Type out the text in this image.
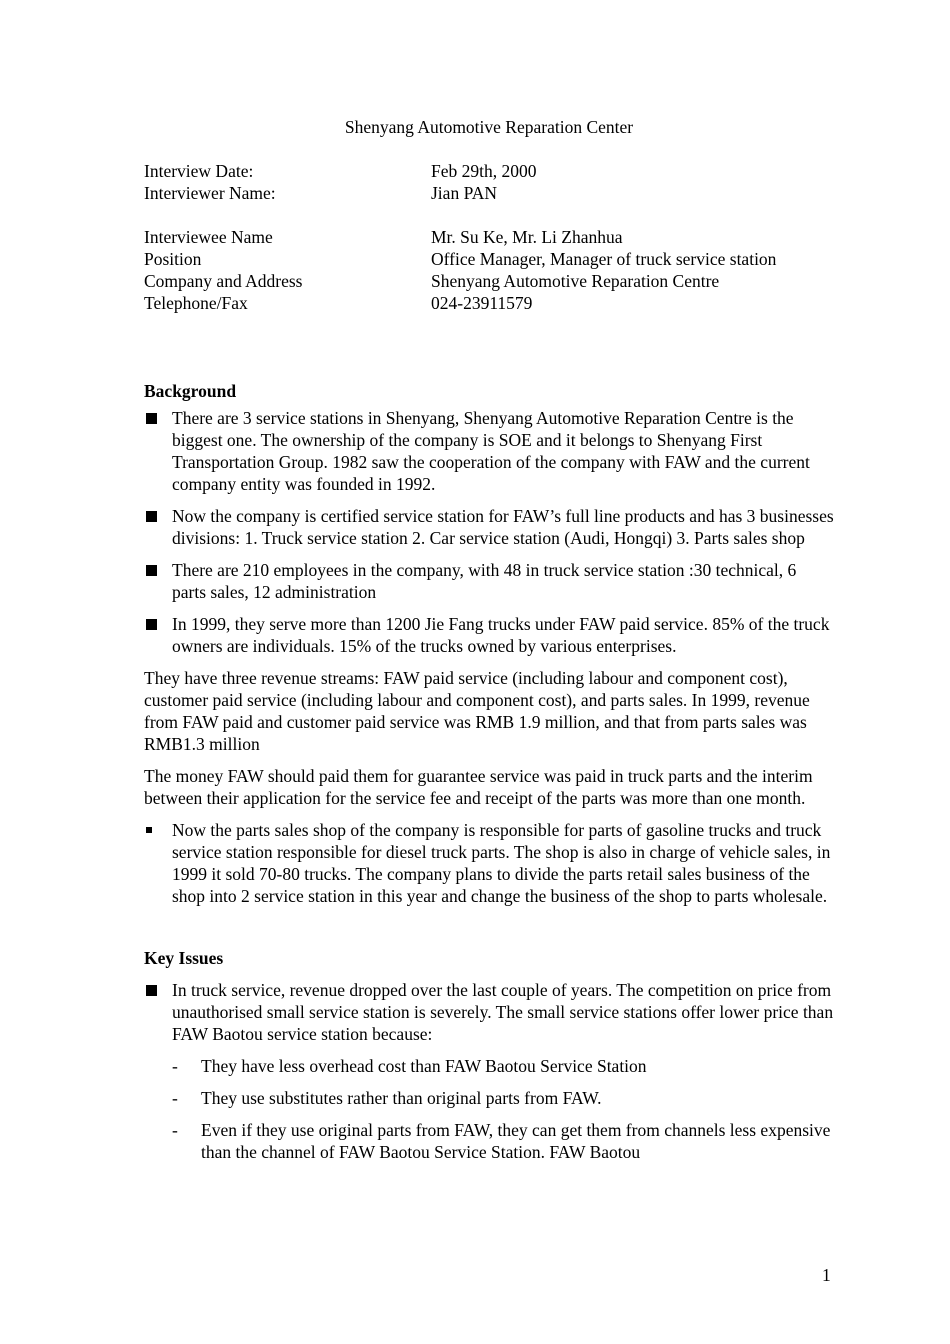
Shenyang Automotive Reparation Center
Interview Date:	Feb 29th, 2000
Interviewer Name:	Jian PAN
Interviewee Name	Mr. Su Ke, Mr. Li Zhanhua
Position	Office Manager, Manager of truck service station
Company and Address	Shenyang Automotive Reparation Centre
Telephone/Fax	024-23911579
Background
There are 3 service stations in Shenyang, Shenyang Automotive Reparation Centre is the biggest one. The ownership of the company is SOE and it belongs to Shenyang First Transportation Group. 1982 saw the cooperation of the company with FAW and the current company entity was founded in 1992.
Now the company is certified service station for FAW’s full line products and has 3 businesses divisions: 1. Truck service station 2. Car service station (Audi, Hongqi) 3. Parts sales shop
There are 210 employees in the company, with 48 in truck service station :30 technical, 6 parts sales, 12 administration
In 1999, they serve more than 1200 Jie Fang trucks under FAW paid service. 85% of the truck owners are individuals. 15% of the trucks owned by various enterprises.

They have three revenue streams: FAW paid service (including labour and component cost), customer paid service (including labour and component cost), and parts sales. In 1999, revenue from FAW paid and customer paid service was RMB 1.9 million, and that from parts sales was RMB1.3 million

The money FAW should paid them for guarantee service was paid in truck parts and the interim between their application for the service fee and receipt of the parts was more than one month.

Now the parts sales shop of the company is responsible for parts of gasoline trucks and truck service station responsible for diesel truck parts. The shop is also in charge of vehicle sales, in 1999 it sold 70-80 trucks. The company plans to divide the parts retail sales business of the shop into 2 service station in this year and change the business of the shop to parts wholesale.
Key Issues
In truck service, revenue dropped over the last couple of years. The competition on price from unauthorised small service station is severely. The small service stations offer lower price than FAW Baotou service station because:
-	They have less overhead cost than FAW Baotou Service Station
-	They use substitutes rather than original parts from FAW.
-	Even if they use original parts from FAW, they can get them from channels less expensive than the channel of FAW Baotou Service Station. FAW Baotou
1
